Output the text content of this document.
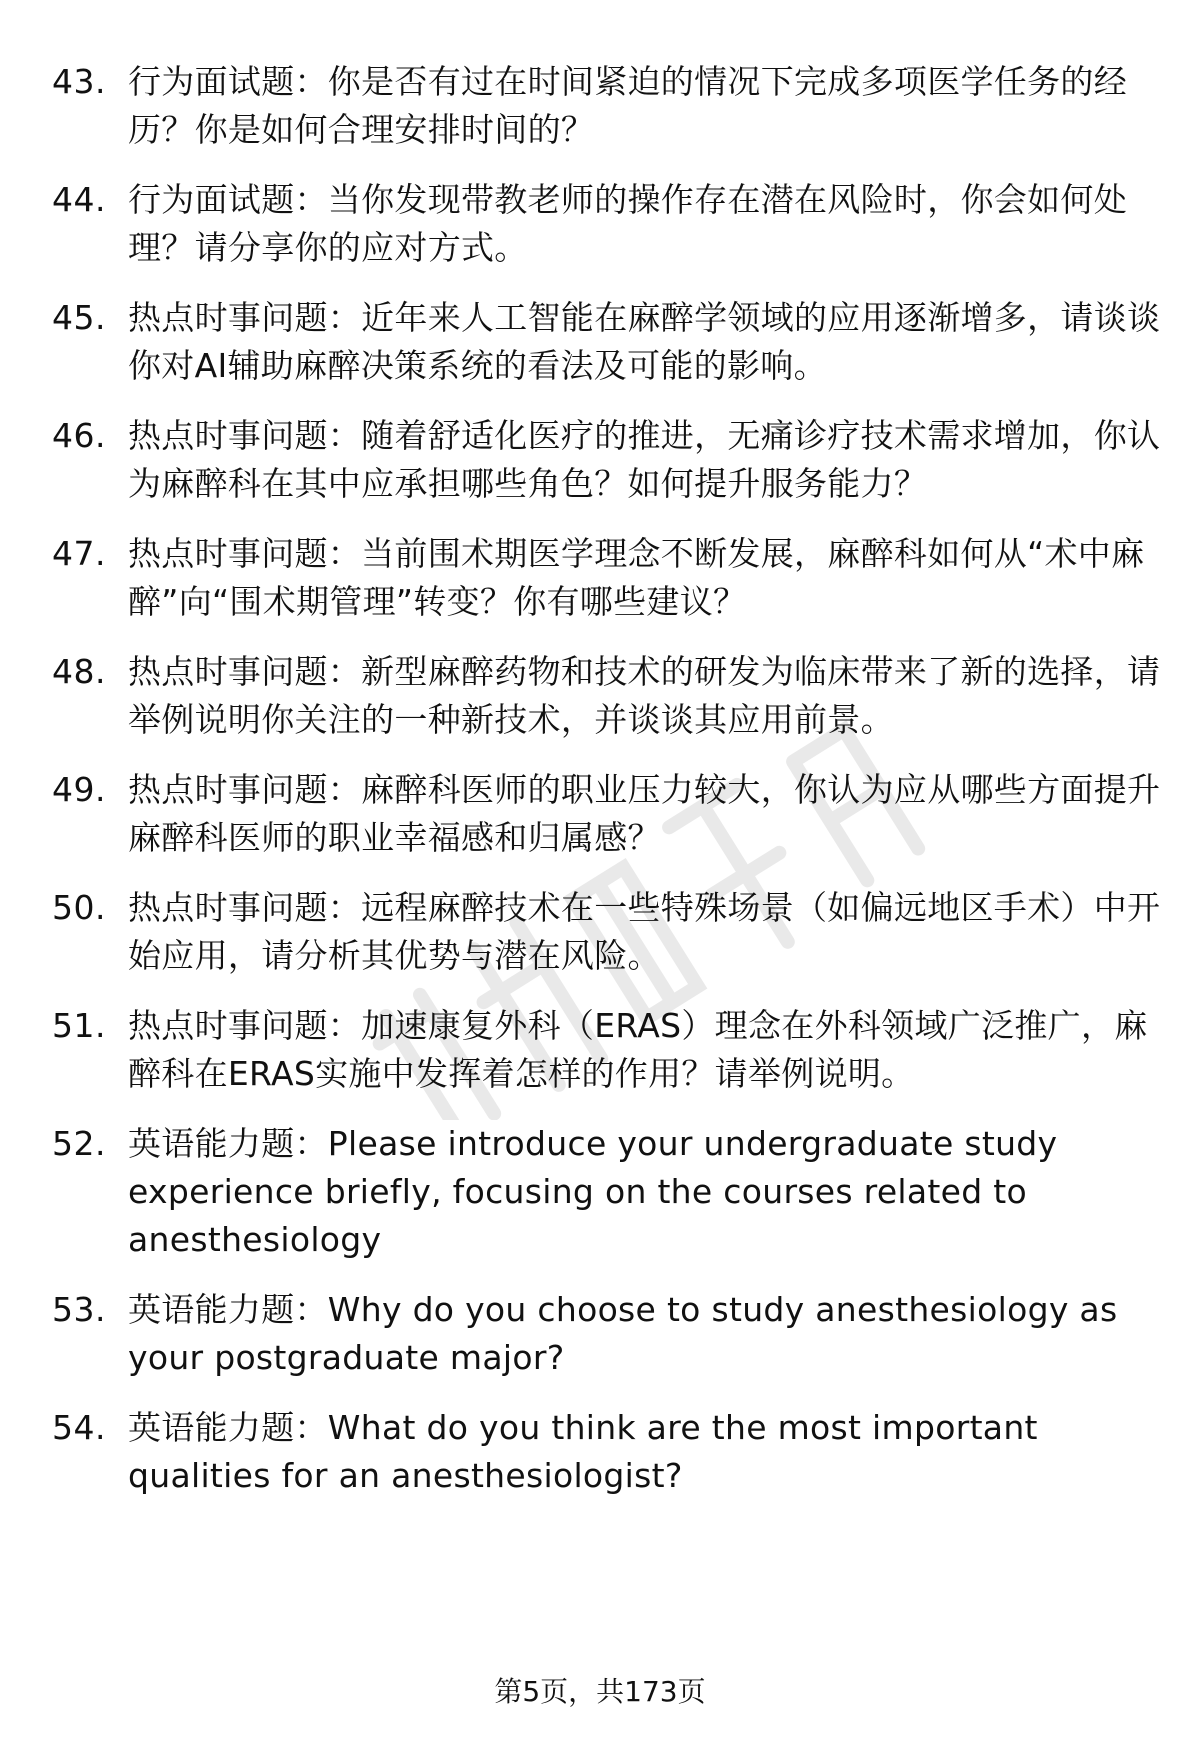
43. 行为面试题：你是否有过在时间紧迫的情况下完成多项医学任务的经历？你是如何合理安排时间的？
44. 行为面试题：当你发现带教老师的操作存在潜在风险时，你会如何处理？请分享你的应对方式。
45. 热点时事问题：近年来人工智能在麻醉学领域的应用逐渐增多，请谈谈你对AI辅助麻醉决策系统的看法及可能的影响。
46. 热点时事问题：随着舒适化医疗的推进，无痛诊疗技术需求增加，你认为麻醉科在其中应承担哪些角色？如何提升服务能力？
47. 热点时事问题：当前围术期医学理念不断发展，麻醉科如何从“术中麻醉”向“围术期管理”转变？你有哪些建议？
48. 热点时事问题：新型麻醉药物和技术的研发为临床带来了新的选择，请举例说明你关注的一种新技术，并谈谈其应用前景。
49. 热点时事问题：麻醉科医师的职业压力较大，你认为应从哪些方面提升麻醉科医师的职业幸福感和归属感？
50. 热点时事问题：远程麻醉技术在一些特殊场景（如偏远地区手术）中开始应用，请分析其优势与潜在风险。
51. 热点时事问题：加速康复外科（ERAS）理念在外科领域广泛推广，麻醉科在ERAS实施中发挥着怎样的作用？请举例说明。
52. 英语能力题：Please introduce your undergraduate study experience briefly, focusing on the courses related to anesthesiology
53. 英语能力题：Why do you choose to study anesthesiology as your postgraduate major?
54. 英语能力题：What do you think are the most important qualities for an anesthesiologist?
第5页，共173页
